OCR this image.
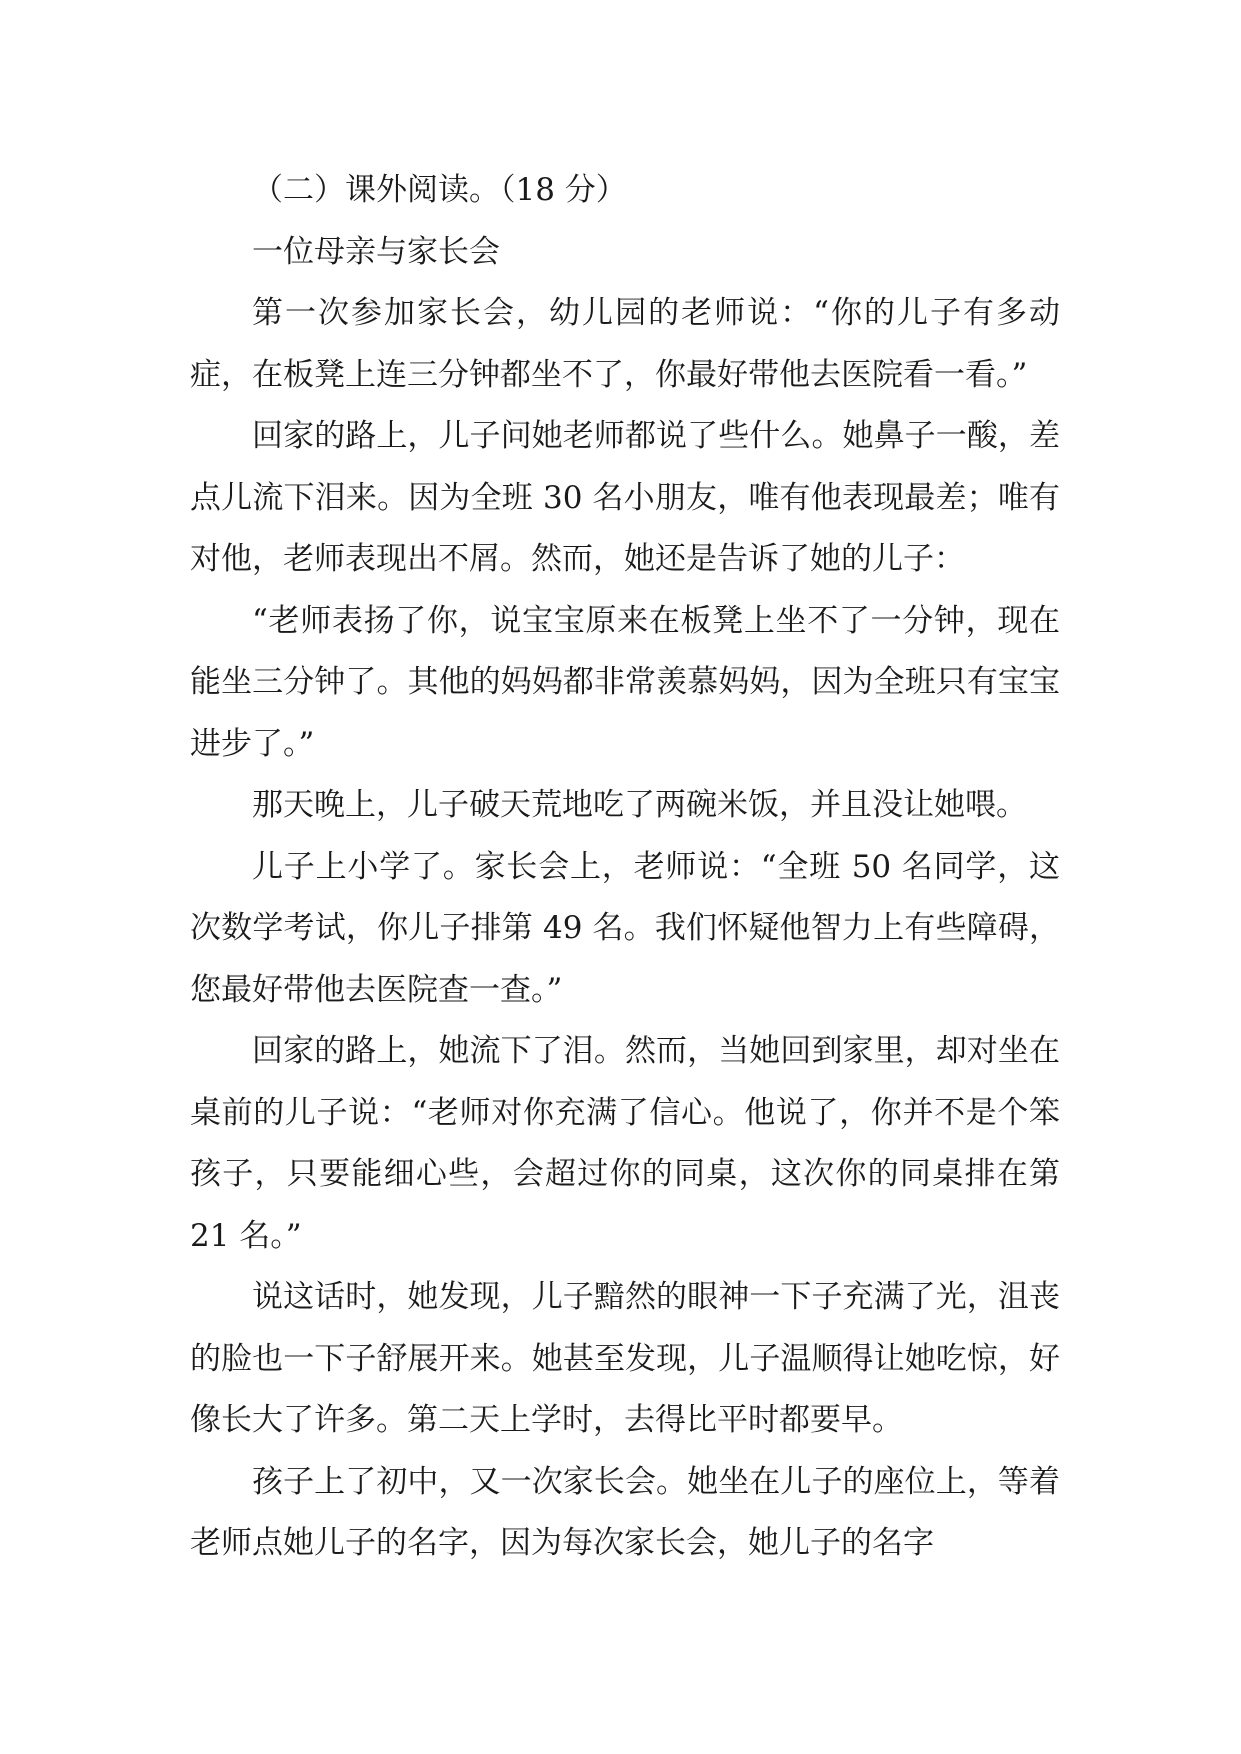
（二）课外阅读。（18 分）

一位母亲与家长会

第一次参加家长会，幼儿园的老师说：“你的儿子有多动症，在板凳上连三分钟都坐不了，你最好带他去医院看一看。”

回家的路上，儿子问她老师都说了些什么。她鼻子一酸，差点儿流下泪来。因为全班 30 名小朋友，唯有他表现最差；唯有对他，老师表现出不屑。然而，她还是告诉了她的儿子：

“老师表扬了你，说宝宝原来在板凳上坐不了一分钟，现在能坐三分钟了。其他的妈妈都非常羡慕妈妈，因为全班只有宝宝进步了。”

那天晚上，儿子破天荒地吃了两碗米饭，并且没让她喂。

儿子上小学了。家长会上，老师说：“全班 50 名同学，这次数学考试，你儿子排第 49 名。我们怀疑他智力上有些障碍，您最好带他去医院查一查。”

回家的路上，她流下了泪。然而，当她回到家里，却对坐在桌前的儿子说：“老师对你充满了信心。他说了，你并不是个笨孩子，只要能细心些，会超过你的同桌，这次你的同桌排在第 21 名。”

说这话时，她发现，儿子黯然的眼神一下子充满了光，沮丧的脸也一下子舒展开来。她甚至发现，儿子温顺得让她吃惊，好像长大了许多。第二天上学时，去得比平时都要早。

孩子上了初中，又一次家长会。她坐在儿子的座位上，等着老师点她儿子的名字，因为每次家长会，她儿子的名字
